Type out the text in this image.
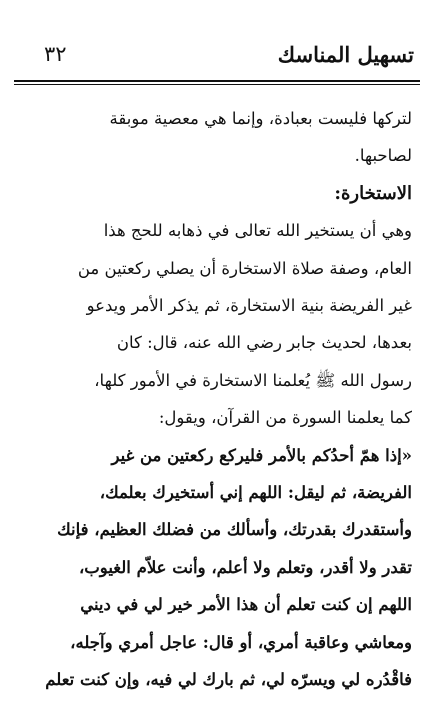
تسهيل المناسك
٣٢
لتركها فليست بعبادة، وإنما هي معصية موبقة
لصاحبها.
الاستخارة:
وهي أن يستخير الله تعالى في ذهابه للحج هذا
العام، وصفة صلاة الاستخارة أن يصلي ركعتين من
غير الفريضة بنية الاستخارة، ثم يذكر الأمر ويدعو
بعدها، لحديث جابر رضي الله عنه، قال: كان
رسول الله ﷺ يُعلمنا الاستخارة في الأمور كلها،
كما يعلمنا السورة من القرآن، ويقول:
«إذا همّ أحدُكم بالأمر فليركع ركعتين من غير
الفريضة، ثم ليقل: اللهم إني أستخيرك بعلمك،
وأستقدرك بقدرتك، وأسألك من فضلك العظيم، فإنك
تقدر ولا أقدر، وتعلم ولا أعلم، وأنت علاّم الغيوب،
اللهم إن كنت تعلم أن هذا الأمر خير لي في ديني
ومعاشي وعاقبة أمري، أو قال: عاجل أمري وآجله،
فاقْدُره لي ويسرّه لي، ثم بارك لي فيه، وإن كنت تعلم
